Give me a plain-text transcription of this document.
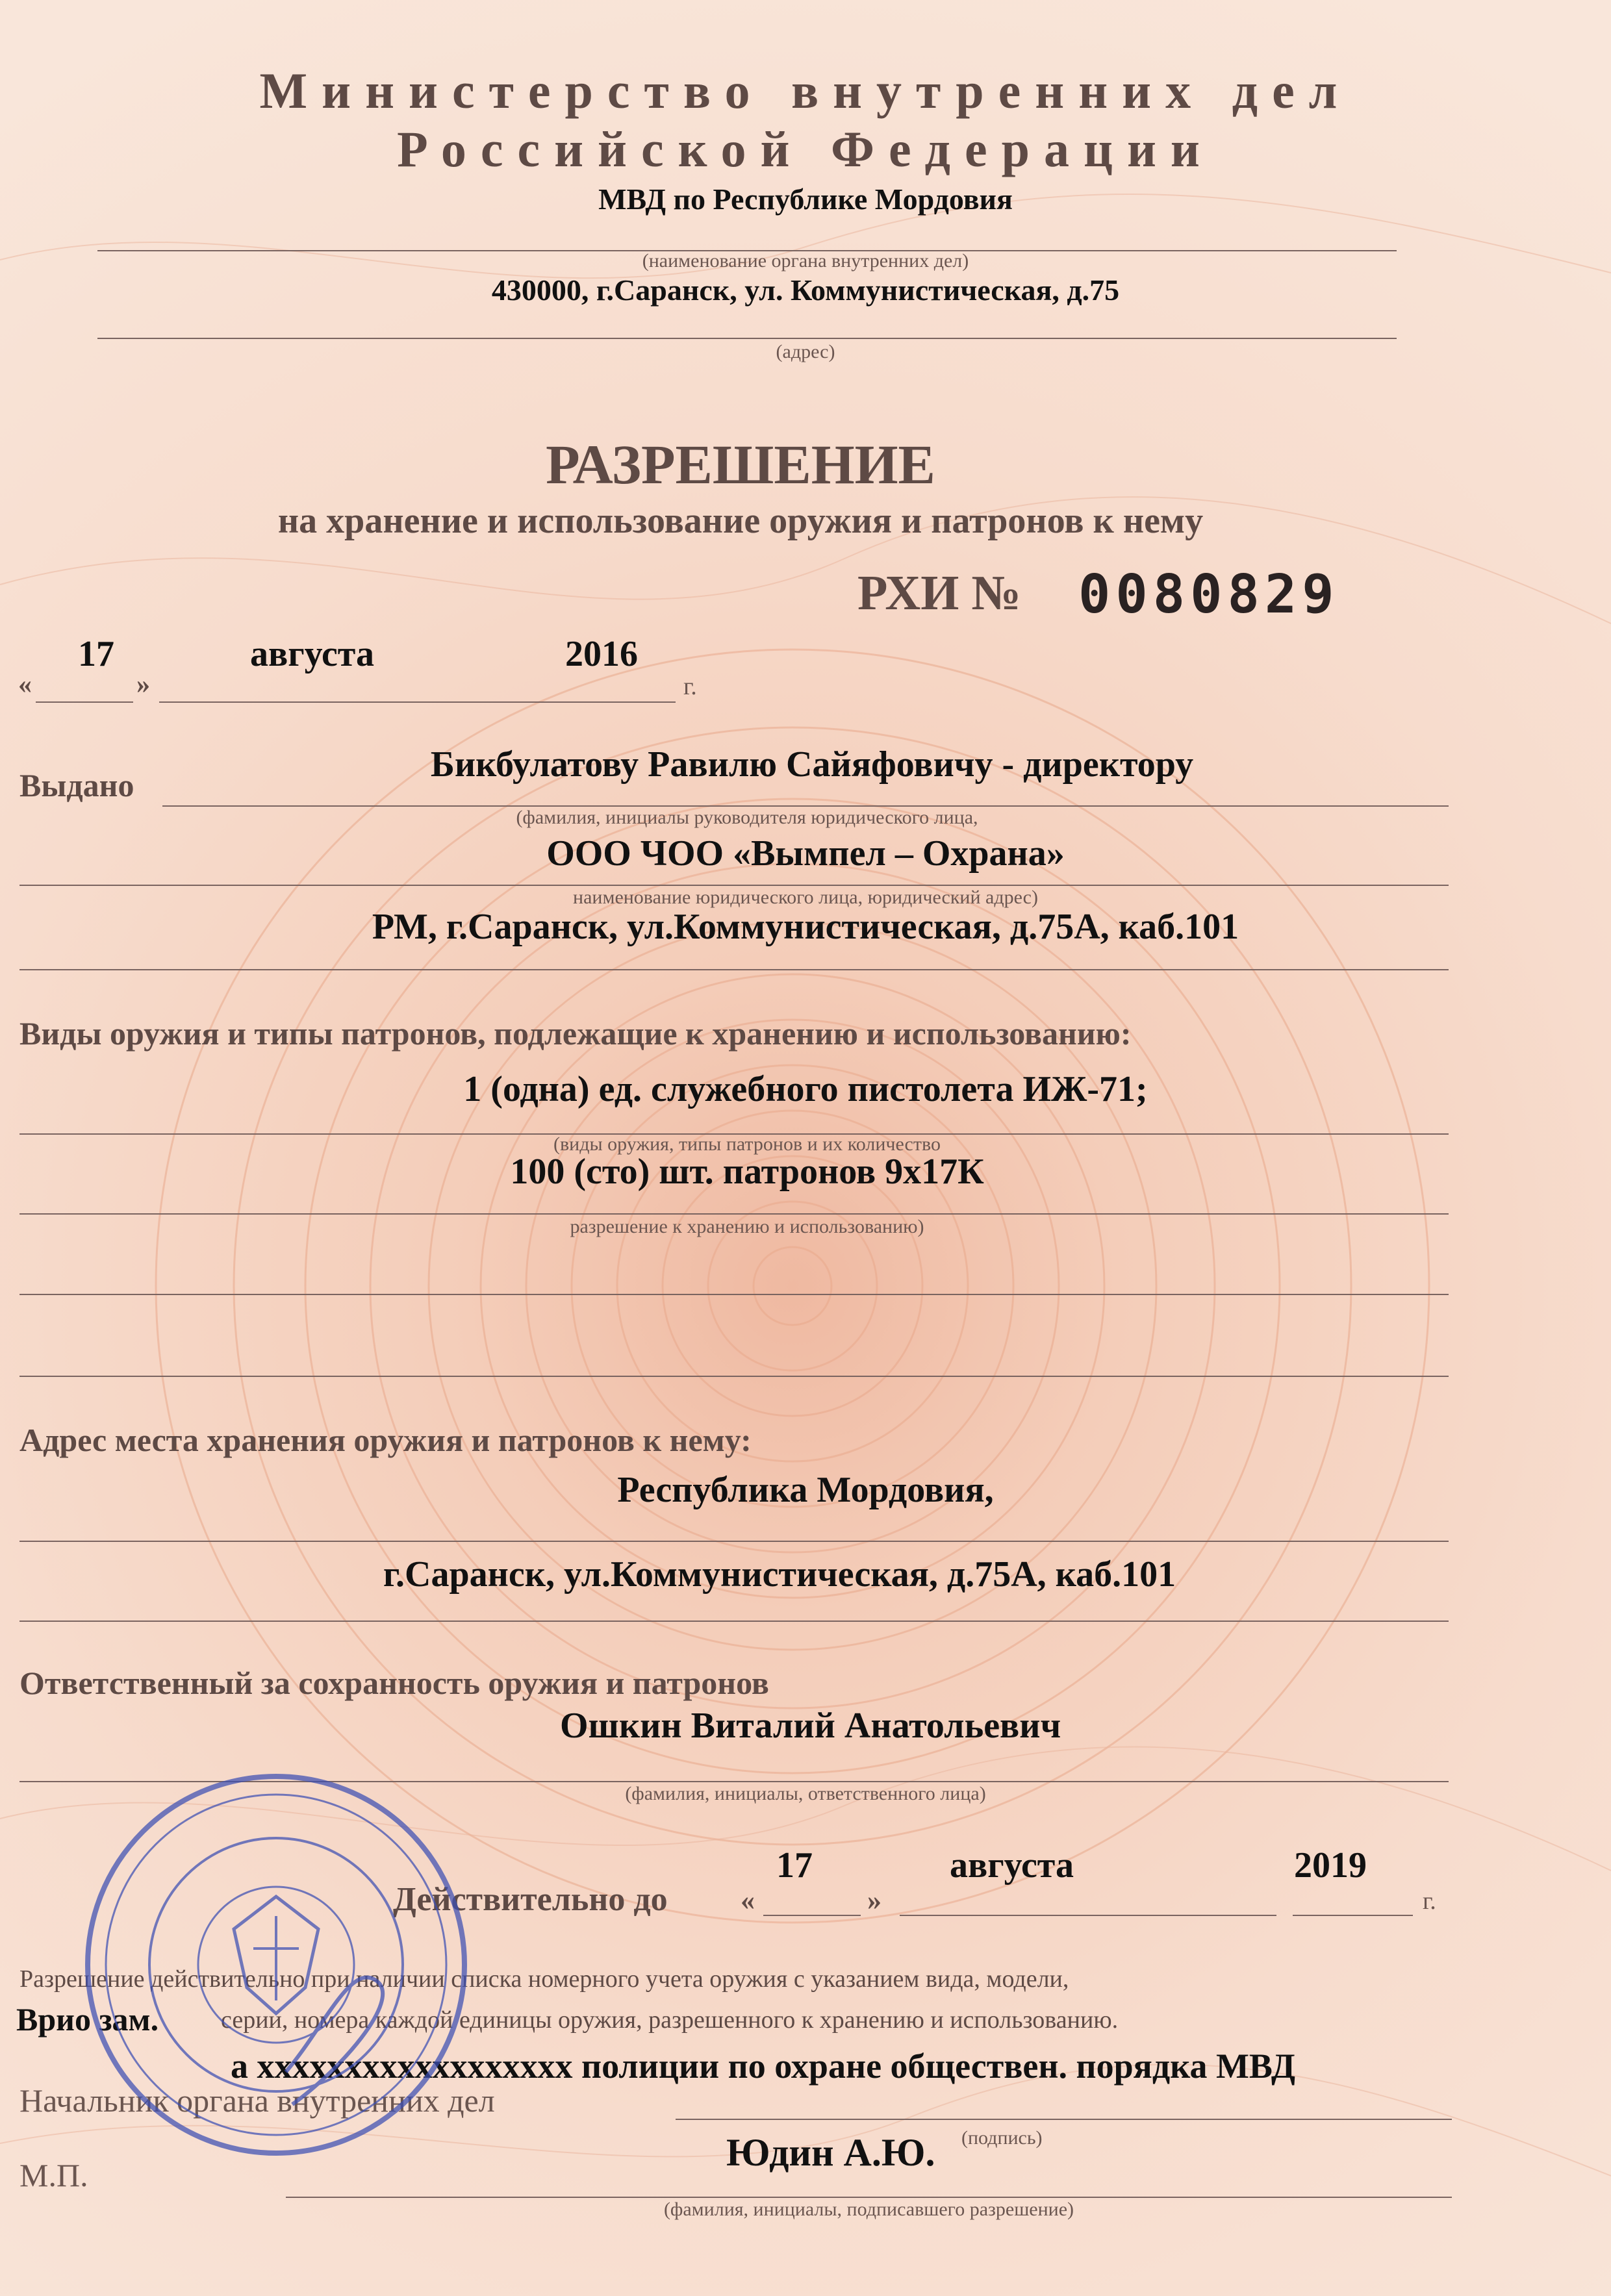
Министерство внутренних дел
Российской Федерации
МВД по Республике Мордовия
(наименование органа внутренних дел)
430000, г.Саранск, ул. Коммунистическая, д.75
(адрес)
РАЗРЕШЕНИЕ
на хранение и использование оружия и патронов к нему
РХИ № 0080829
«
17
»
августа	2016
г.
Выдано
Бикбулатову Равилю Сайяфовичу - директору
(фамилия, инициалы руководителя юридического лица,
ООО ЧОО «Вымпел – Охрана»
наименование юридического лица, юридический адрес)
РМ, г.Саранск, ул.Коммунистическая, д.75А, каб.101
Виды оружия и типы патронов, подлежащие к хранению и использованию:
1 (одна) ед. служебного пистолета ИЖ-71;
(виды оружия, типы патронов и их количество
100 (сто) шт. патронов 9х17К
разрешение к хранению и использованию)
Адрес места хранения оружия и патронов к нему:
Республика Мордовия,
г.Саранск, ул.Коммунистическая, д.75А, каб.101
Ответственный за сохранность оружия и патронов
Ошкин Виталий Анатольевич
(фамилия, инициалы, ответственного лица)
Действительно до	«
17
»
августа	2019
г.
Разрешение действительно при наличии списка номерного учета оружия с указанием вида, модели,
серии, номера каждой единицы оружия, разрешенного к хранению и использованию.
Врио зам.
а xxxxxxxxxxxxxxxxxx полиции по охране обществен. порядка МВД
Начальник органа внутренних дел
Юдин А.Ю. (подпись)
М.П.
(фамилия, инициалы, подписавшего разрешение)
